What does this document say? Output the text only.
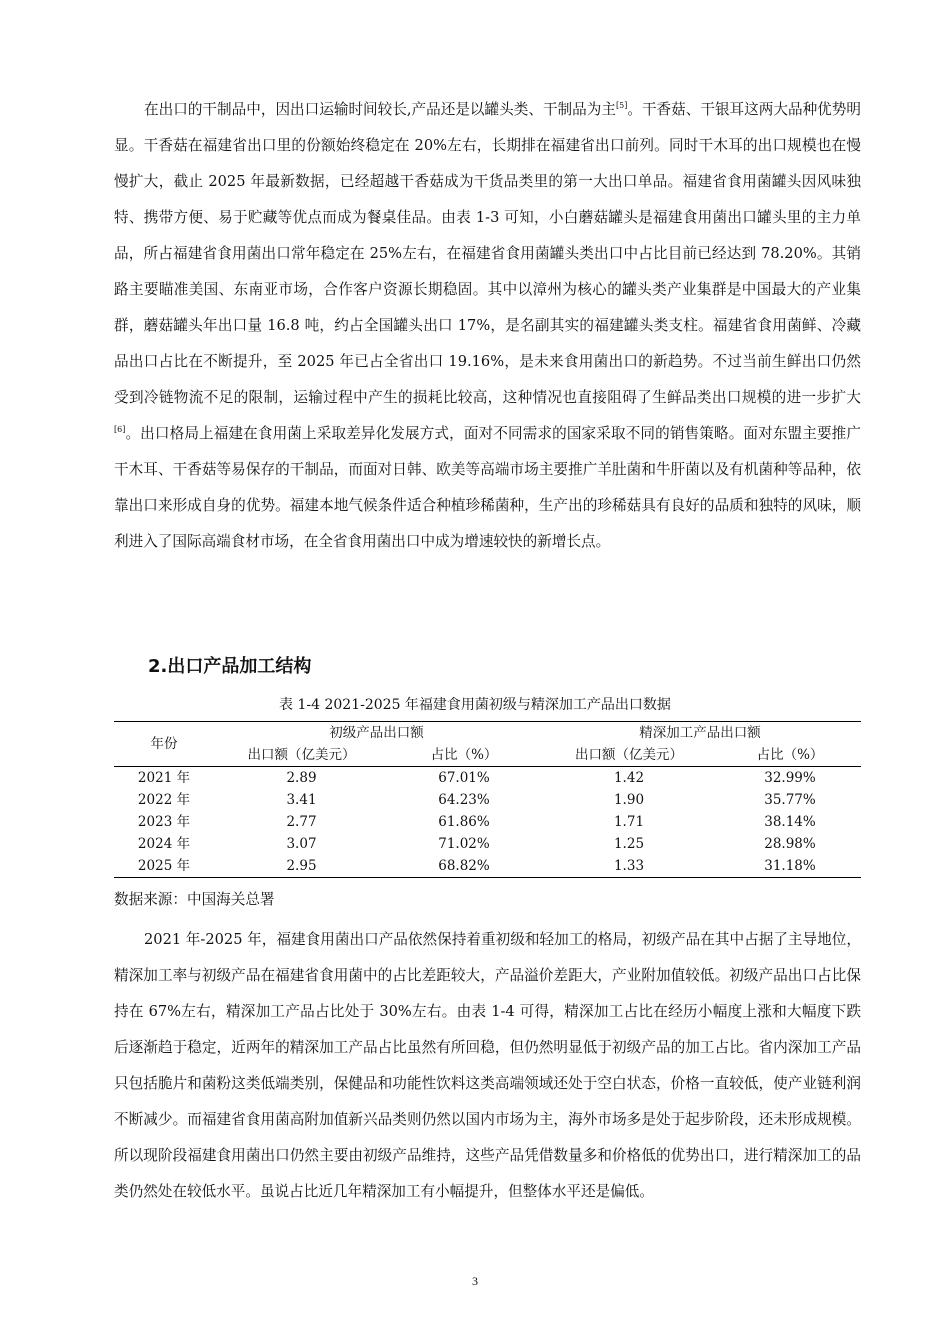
在出口的干制品中，因出口运输时间较长,产品还是以罐头类、干制品为主[5]。干香菇、干银耳这两大品种优势明显。干香菇在福建省出口里的份额始终稳定在 20%左右，长期排在福建省出口前列。同时干木耳的出口规模也在慢慢扩大，截止 2025 年最新数据，已经超越干香菇成为干货品类里的第一大出口单品。福建省食用菌罐头因风味独特、携带方便、易于贮藏等优点而成为餐桌佳品。由表 1-3 可知，小白蘑菇罐头是福建食用菌出口罐头里的主力单品，所占福建省食用菌出口常年稳定在 25%左右，在福建省食用菌罐头类出口中占比目前已经达到 78.20%。其销路主要瞄准美国、东南亚市场，合作客户资源长期稳固。其中以漳州为核心的罐头类产业集群是中国最大的产业集群，蘑菇罐头年出口量 16.8 吨，约占全国罐头出口 17%，是名副其实的福建罐头类支柱。福建省食用菌鲜、冷藏品出口占比在不断提升，至 2025 年已占全省出口 19.16%，是未来食用菌出口的新趋势。不过当前生鲜出口仍然受到冷链物流不足的限制，运输过程中产生的损耗比较高，这种情况也直接阻碍了生鲜品类出口规模的进一步扩大[6]。出口格局上福建在食用菌上采取差异化发展方式，面对不同需求的国家采取不同的销售策略。面对东盟主要推广干木耳、干香菇等易保存的干制品，而面对日韩、欧美等高端市场主要推广羊肚菌和牛肝菌以及有机菌种等品种，依靠出口来形成自身的优势。福建本地气候条件适合种植珍稀菌种，生产出的珍稀菇具有良好的品质和独特的风味，顺利进入了国际高端食材市场，在全省食用菌出口中成为增速较快的新增长点。
2.出口产品加工结构
表 1-4 2021-2025 年福建食用菌初级与精深加工产品出口数据
年份	初级产品出口额		精深加工产品出口额	
	出口额（亿美元）	占比（%）	出口额（亿美元）	占比（%）
2021 年	2.89	67.01%	1.42	32.99%
2022 年	3.41	64.23%	1.90	35.77%
2023 年	2.77	61.86%	1.71	38.14%
2024 年	3.07	71.02%	1.25	28.98%
2025 年	2.95	68.82%	1.33	31.18%
数据来源：中国海关总署
2021 年-2025 年，福建食用菌出口产品依然保持着重初级和轻加工的格局，初级产品在其中占据了主导地位，精深加工率与初级产品在福建省食用菌中的占比差距较大，产品溢价差距大，产业附加值较低。初级产品出口占比保持在 67%左右，精深加工产品占比处于 30%左右。由表 1-4 可得，精深加工占比在经历小幅度上涨和大幅度下跌后逐渐趋于稳定，近两年的精深加工产品占比虽然有所回稳，但仍然明显低于初级产品的加工占比。省内深加工产品只包括脆片和菌粉这类低端类别，保健品和功能性饮料这类高端领域还处于空白状态，价格一直较低，使产业链利润不断减少。而福建省食用菌高附加值新兴品类则仍然以国内市场为主，海外市场多是处于起步阶段，还未形成规模。所以现阶段福建食用菌出口仍然主要由初级产品维持，这些产品凭借数量多和价格低的优势出口，进行精深加工的品类仍然处在较低水平。虽说占比近几年精深加工有小幅提升，但整体水平还是偏低。
3
